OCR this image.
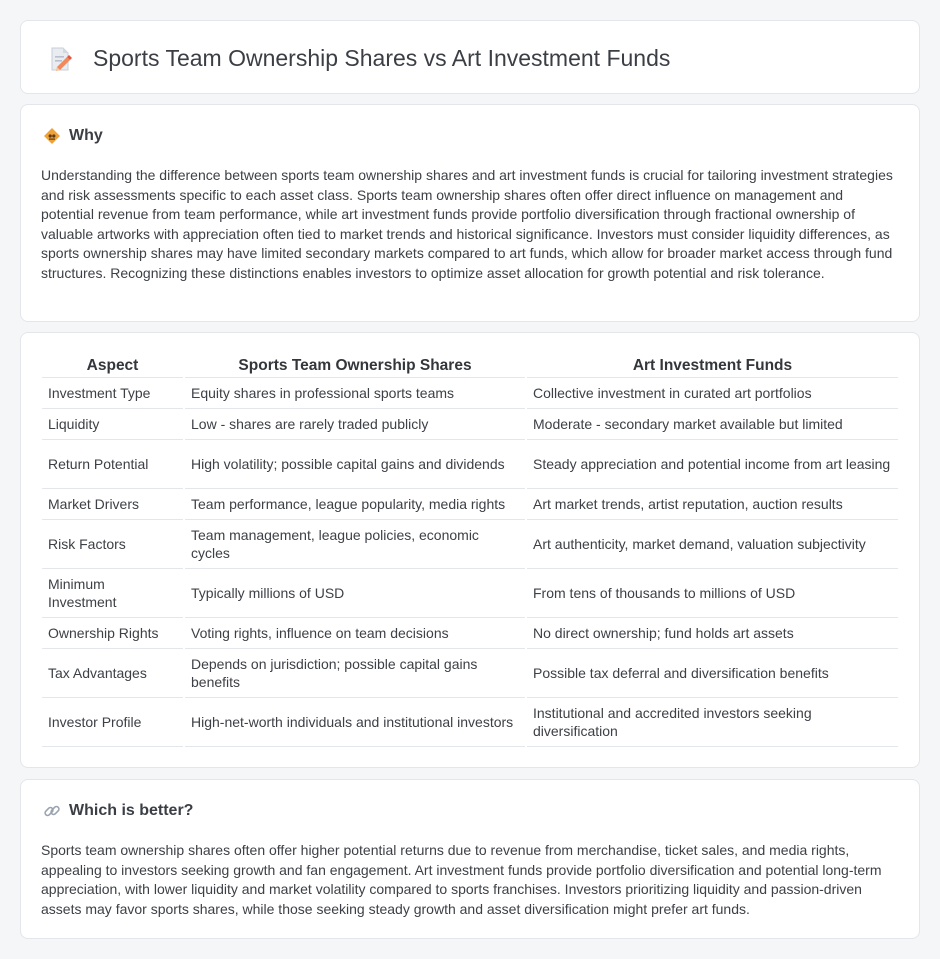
Sports Team Ownership Shares vs Art Investment Funds
Why

Understanding the difference between sports team ownership shares and art investment funds is crucial for tailoring investment strategies and risk assessments specific to each asset class. Sports team ownership shares often offer direct influence on management and potential revenue from team performance, while art investment funds provide portfolio diversification through fractional ownership of valuable artworks with appreciation often tied to market trends and historical significance. Investors must consider liquidity differences, as sports ownership shares may have limited secondary markets compared to art funds, which allow for broader market access through fund structures. Recognizing these distinctions enables investors to optimize asset allocation for growth potential and risk tolerance.

Aspect	Sports Team Ownership Shares	Art Investment Funds
Investment Type	Equity shares in professional sports teams	Collective investment in curated art portfolios
Liquidity	Low - shares are rarely traded publicly	Moderate - secondary market available but limited
Return Potential	High volatility; possible capital gains and dividends	Steady appreciation and potential income from art leasing
Market Drivers	Team performance, league popularity, media rights	Art market trends, artist reputation, auction results
Risk Factors	Team management, league policies, economic cycles	Art authenticity, market demand, valuation subjectivity
Minimum Investment	Typically millions of USD	From tens of thousands to millions of USD
Ownership Rights	Voting rights, influence on team decisions	No direct ownership; fund holds art assets
Tax Advantages	Depends on jurisdiction; possible capital gains benefits	Possible tax deferral and diversification benefits
Investor Profile	High-net-worth individuals and institutional investors	Institutional and accredited investors seeking diversification
Which is better?

Sports team ownership shares often offer higher potential returns due to revenue from merchandise, ticket sales, and media rights, appealing to investors seeking growth and fan engagement. Art investment funds provide portfolio diversification and potential long-term appreciation, with lower liquidity and market volatility compared to sports franchises. Investors prioritizing liquidity and passion-driven assets may favor sports shares, while those seeking steady growth and asset diversification might prefer art funds.
